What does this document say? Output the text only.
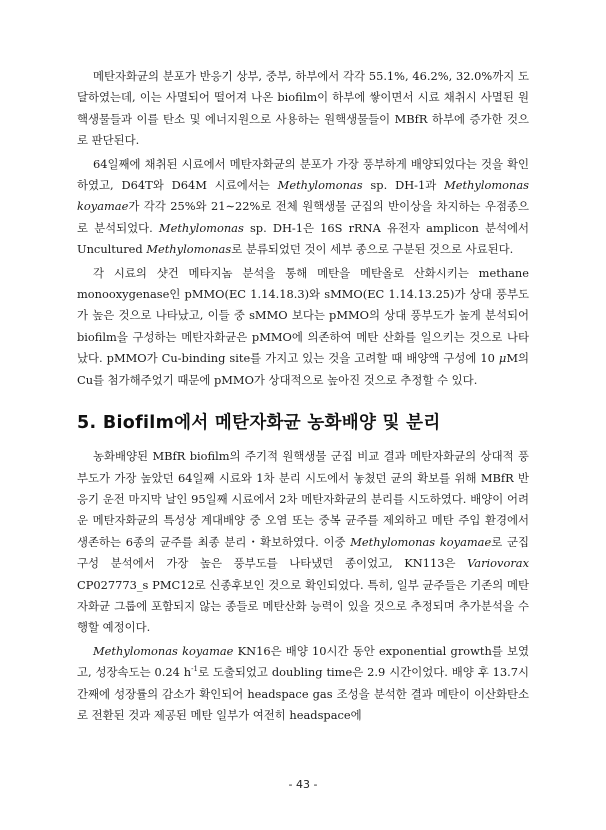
메탄자화균의 분포가 반응기 상부, 중부, 하부에서 각각 55.1%, 46.2%, 32.0%까지 도달하였는데, 이는 사멸되어 떨어져 나온 biofilm이 하부에 쌓이면서 시료 채취시 사멸된 원핵생물들과 이를 탄소 및 에너지원으로 사용하는 원핵생물들이 MBfR 하부에 증가한 것으로 판단된다.

64일째에 채취된 시료에서 메탄자화균의 분포가 가장 풍부하게 배양되었다는 것을 확인하였고, D64T와 D64M 시료에서는 Methylomonas sp. DH-1과 Methylomonas koyamae가 각각 25%와 21∼22%로 전체 원핵생물 군집의 반이상을 차지하는 우점종으로 분석되었다. Methylomonas sp. DH-1은 16S rRNA 유전자 amplicon 분석에서 Uncultured Methylomonas로 분류되었던 것이 세부 종으로 구분된 것으로 사료된다.

각 시료의 샷건 메타지놈 분석을 통해 메탄을 메탄올로 산화시키는 methane monooxygenase인 pMMO(EC 1.14.18.3)와 sMMO(EC 1.14.13.25)가 상대 풍부도가 높은 것으로 나타났고, 이들 중 sMMO 보다는 pMMO의 상대 풍부도가 높게 분석되어 biofilm을 구성하는 메탄자화균은 pMMO에 의존하여 메탄 산화를 일으키는 것으로 나타났다. pMMO가 Cu-binding site를 가지고 있는 것을 고려할 때 배양액 구성에 10 μM의 Cu를 첨가해주었기 때문에 pMMO가 상대적으로 높아진 것으로 추정할 수 있다.

5. Biofilm에서 메탄자화균 농화배양 및 분리

농화배양된 MBfR biofilm의 주기적 원핵생물 군집 비교 결과 메탄자화균의 상대적 풍부도가 가장 높았던 64일째 시료와 1차 분리 시도에서 놓쳤던 균의 확보를 위해 MBfR 반응기 운전 마지막 날인 95일째 시료에서 2차 메탄자화균의 분리를 시도하였다. 배양이 어려운 메탄자화균의 특성상 계대배양 중 오염 또는 중복 균주를 제외하고 메탄 주입 환경에서 생존하는 6종의 균주를 최종 분리・확보하였다. 이중 Methylomonas koyamae로 군집 구성 분석에서 가장 높은 풍부도를 나타냈던 종이었고, KN113은 Variovorax CP027773_s PMC12로 신종후보인 것으로 확인되었다. 특히, 일부 균주들은 기존의 메탄자화균 그룹에 포함되지 않는 종들로 메탄산화 능력이 있을 것으로 추정되며 추가분석을 수행할 예정이다.

Methylomonas koyamae KN16은 배양 10시간 동안 exponential growth를 보였고, 성장속도는 0.24 $h^{-1}$로 도출되었고 doubling time은 2.9 시간이었다. 배양 후 13.7시간째에 성장률의 감소가 확인되어 headspace gas 조성을 분석한 결과 메탄이 이산화탄소로 전환된 것과 제공된 메탄 일부가 여전히 headspace에

- 43 -
